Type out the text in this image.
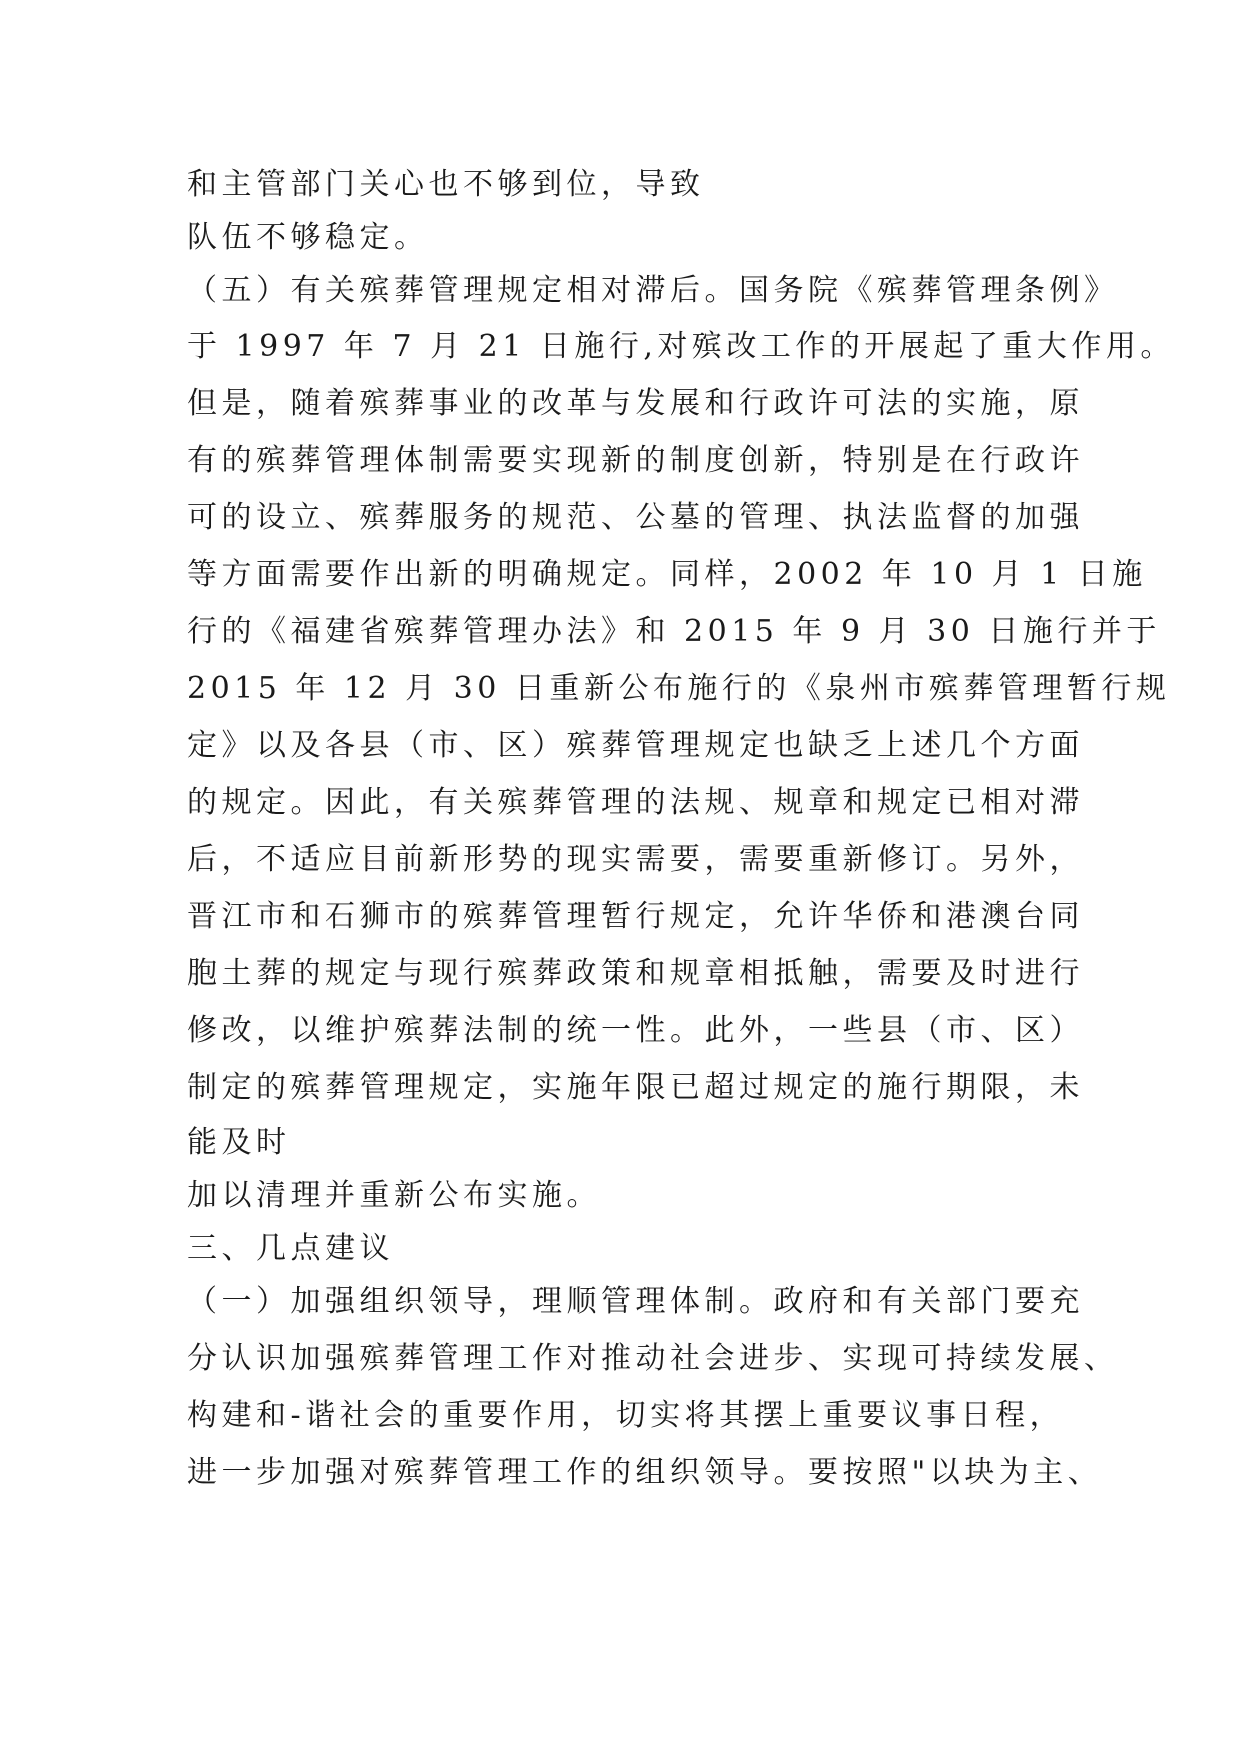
和主管部门关心也不够到位，导致
队伍不够稳定。
（五）有关殡葬管理规定相对滞后。国务院《殡葬管理条例》
于 1997 年 7 月 21 日施行,对殡改工作的开展起了重大作用。
但是，随着殡葬事业的改革与发展和行政许可法的实施，原
有的殡葬管理体制需要实现新的制度创新，特别是在行政许
可的设立、殡葬服务的规范、公墓的管理、执法监督的加强
等方面需要作出新的明确规定。同样，2002 年 10 月 1 日施
行的《福建省殡葬管理办法》和 2015 年 9 月 30 日施行并于
2015 年 12 月 30 日重新公布施行的《泉州市殡葬管理暂行规
定》以及各县（市、区）殡葬管理规定也缺乏上述几个方面
的规定。因此，有关殡葬管理的法规、规章和规定已相对滞
后，不适应目前新形势的现实需要，需要重新修订。另外，
晋江市和石狮市的殡葬管理暂行规定，允许华侨和港澳台同
胞土葬的规定与现行殡葬政策和规章相抵触，需要及时进行
修改，以维护殡葬法制的统一性。此外，一些县（市、区）
制定的殡葬管理规定，实施年限已超过规定的施行期限，未
能及时
加以清理并重新公布实施。
三、几点建议
（一）加强组织领导，理顺管理体制。政府和有关部门要充
分认识加强殡葬管理工作对推动社会进步、实现可持续发展、
构建和-谐社会的重要作用，切实将其摆上重要议事日程，
进一步加强对殡葬管理工作的组织领导。要按照"以块为主、
